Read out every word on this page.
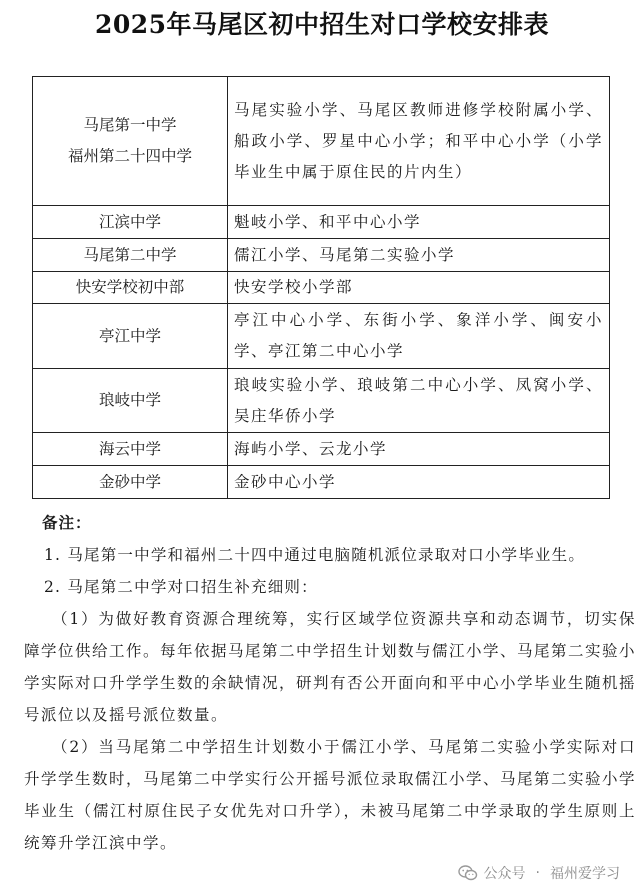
2025年马尾区初中招生对口学校安排表
马尾第一中学
福州第二十四中学	马尾实验小学、马尾区教师进修学校附属小学、船政小学、罗星中心小学；和平中心小学（小学毕业生中属于原住民的片内生）
江滨中学	魁岐小学、和平中心小学
马尾第二中学	儒江小学、马尾第二实验小学
快安学校初中部	快安学校小学部
亭江中学	亭江中心小学、东街小学、象洋小学、闽安小学、亭江第二中心小学
琅岐中学	琅岐实验小学、琅岐第二中心小学、凤窝小学、吴庄华侨小学
海云中学	海屿小学、云龙小学
金砂中学	金砂中心小学
备注：
1. 马尾第一中学和福州二十四中通过电脑随机派位录取对口小学毕业生。
2. 马尾第二中学对口招生补充细则：
（1）为做好教育资源合理统筹，实行区域学位资源共享和动态调节，切实保障学位供给工作。每年依据马尾第二中学招生计划数与儒江小学、马尾第二实验小学实际对口升学学生数的余缺情况，研判有否公开面向和平中心小学毕业生随机摇号派位以及摇号派位数量。
（2）当马尾第二中学招生计划数小于儒江小学、马尾第二实验小学实际对口升学学生数时，马尾第二中学实行公开摇号派位录取儒江小学、马尾第二实验小学毕业生（儒江村原住民子女优先对口升学），未被马尾第二中学录取的学生原则上统筹升学江滨中学。
公众号 · 福州爱学习
